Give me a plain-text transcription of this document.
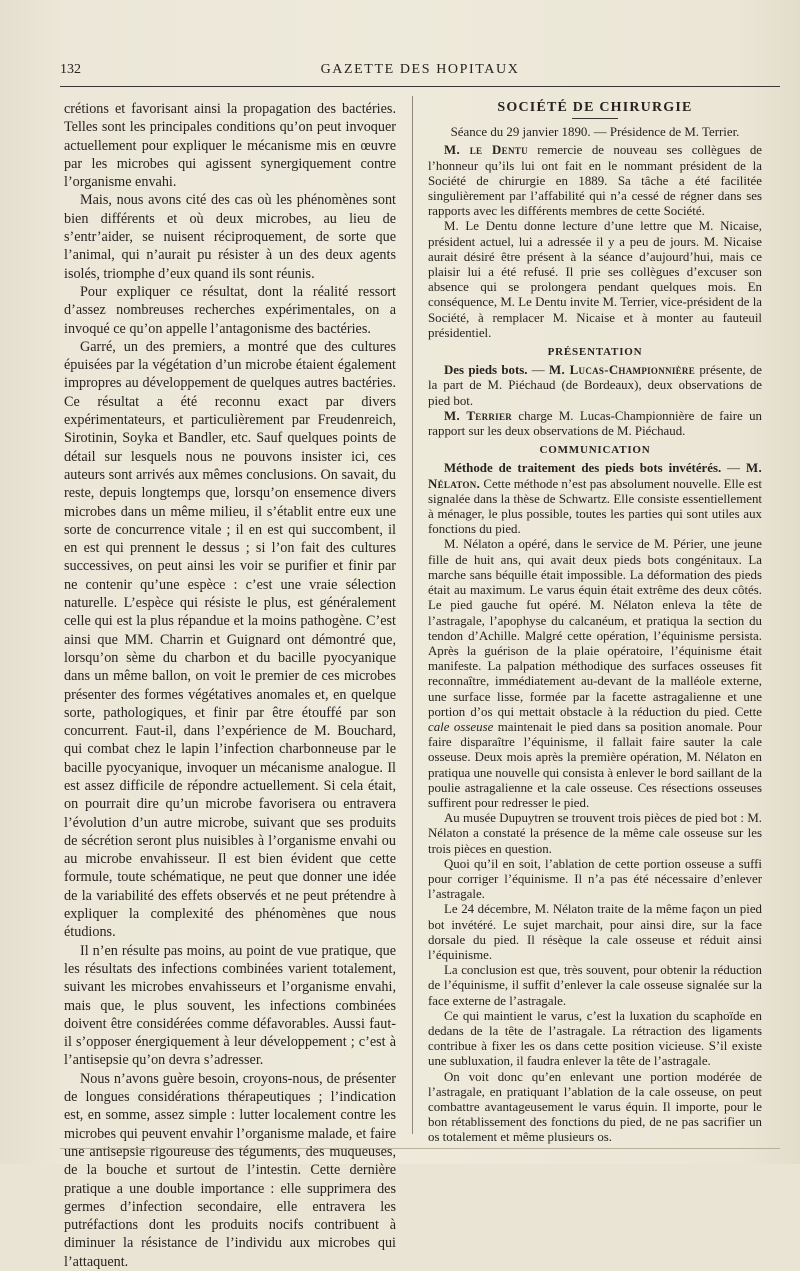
132	GAZETTE DES HOPITAUX

crétions et favorisant ainsi la propagation des bactéries. Telles sont les principales conditions qu’on peut invoquer actuellement pour expliquer le mécanisme mis en œuvre par les microbes qui agissent synergiquement contre l’organisme envahi.

Mais, nous avons cité des cas où les phénomènes sont bien différents et où deux microbes, au lieu de s’entr’aider, se nuisent réciproquement, de sorte que l’animal, qui n’aurait pu résister à un des deux agents isolés, triomphe d’eux quand ils sont réunis.

Pour expliquer ce résultat, dont la réalité ressort d’assez nombreuses recherches expérimentales, on a invoqué ce qu’on appelle l’antagonisme des bactéries.

Garré, un des premiers, a montré que des cultures épuisées par la végétation d’un microbe étaient également impropres au développement de quelques autres bactéries. Ce résultat a été reconnu exact par divers expérimentateurs, et particulièrement par Freudenreich, Sirotinin, Soyka et Bandler, etc. Sauf quelques points de détail sur lesquels nous ne pouvons insister ici, ces auteurs sont arrivés aux mêmes conclusions. On savait, du reste, depuis longtemps que, lorsqu’on ensemence divers microbes dans un même milieu, il s’établit entre eux une sorte de concurrence vitale ; il en est qui succombent, il en est qui prennent le dessus ; si l’on fait des cultures successives, on peut ainsi les voir se purifier et finir par ne contenir qu’une espèce : c’est une vraie sélection naturelle. L’espèce qui résiste le plus, est généralement celle qui est la plus répandue et la moins pathogène. C’est ainsi que MM. Charrin et Guignard ont démontré que, lorsqu’on sème du charbon et du bacille pyocyanique dans un même ballon, on voit le premier de ces microbes présenter des formes végétatives anomales et, en quelque sorte, pathologiques, et finir par être étouffé par son concurrent. Faut-il, dans l’expérience de M. Bouchard, qui combat chez le lapin l’infection charbonneuse par le bacille pyocyanique, invoquer un mécanisme analogue. Il est assez difficile de répondre actuellement. Si cela était, on pourrait dire qu’un microbe favorisera ou entravera l’évolution d’un autre microbe, suivant que ses produits de sécrétion seront plus nuisibles à l’organisme envahi ou au microbe envahisseur. Il est bien évident que cette formule, toute schématique, ne peut que donner une idée de la variabilité des effets observés et ne peut prétendre à expliquer la complexité des phénomènes que nous étudions.

Il n’en résulte pas moins, au point de vue pratique, que les résultats des infections combinées varient totalement, suivant les microbes envahisseurs et l’organisme envahi, mais que, le plus souvent, les infections combinées doivent être considérées comme défavorables. Aussi faut-il s’opposer énergiquement à leur développement ; c’est à l’antisepsie qu’on devra s’adresser.

Nous n’avons guère besoin, croyons-nous, de présenter de longues considérations thérapeutiques ; l’indication est, en somme, assez simple : lutter localement contre les microbes qui peuvent envahir l’organisme malade, et faire une antisepsie rigoureuse des téguments, des muqueuses, de la bouche et surtout de l’intestin. Cette dernière pratique a une double importance : elle supprimera des germes d’infection secondaire, elle entravera les putréfactions dont les produits nocifs contribuent à diminuer la résistance de l’individu aux microbes qui l’attaquent.

SOCIÉTÉ DE CHIRURGIE

Séance du 29 janvier 1890. — Présidence de M. Terrier.

M. le Dentu remercie de nouveau ses collègues de l’honneur qu’ils lui ont fait en le nommant président de la Société de chirurgie en 1889. Sa tâche a été facilitée singulièrement par l’affabilité qui n’a cessé de régner dans ses rapports avec les différents membres de cette Société.

M. Le Dentu donne lecture d’une lettre que M. Nicaise, président actuel, lui a adressée il y a peu de jours. M. Nicaise aurait désiré être présent à la séance d’aujourd’hui, mais ce plaisir lui a été refusé. Il prie ses collègues d’excuser son absence qui se prolongera pendant quelques mois. En conséquence, M. Le Dentu invite M. Terrier, vice-président de la Société, à remplacer M. Nicaise et à monter au fauteuil présidentiel.

PRÉSENTATION

Des pieds bots. — M. Lucas-Championnière présente, de la part de M. Piéchaud (de Bordeaux), deux observations de pied bot.

M. Terrier charge M. Lucas-Championnière de faire un rapport sur les deux observations de M. Piéchaud.

COMMUNICATION

Méthode de traitement des pieds bots invétérés. — M. Nélaton. Cette méthode n’est pas absolument nouvelle. Elle est signalée dans la thèse de Schwartz. Elle consiste essentiellement à ménager, le plus possible, toutes les parties qui sont utiles aux fonctions du pied.

M. Nélaton a opéré, dans le service de M. Périer, une jeune fille de huit ans, qui avait deux pieds bots congénitaux. La marche sans béquille était impossible. La déformation des pieds était au maximum. Le varus équin était extrême des deux côtés. Le pied gauche fut opéré. M. Nélaton enleva la tête de l’astragale, l’apophyse du calcanéum, et pratiqua la section du tendon d’Achille. Malgré cette opération, l’équinisme persista. Après la guérison de la plaie opératoire, l’équinisme était manifeste. La palpation méthodique des surfaces osseuses fit reconnaître, immédiatement au-devant de la malléole externe, une surface lisse, formée par la facette astragalienne et une portion d’os qui mettait obstacle à la réduction du pied. Cette cale osseuse maintenait le pied dans sa position anomale. Pour faire disparaître l’équinisme, il fallait faire sauter la cale osseuse. Deux mois après la première opération, M. Nélaton en pratiqua une nouvelle qui consista à enlever le bord saillant de la poulie astragalienne et la cale osseuse. Ces résections osseuses suffirent pour redresser le pied.

Au musée Dupuytren se trouvent trois pièces de pied bot : M. Nélaton a constaté la présence de la même cale osseuse sur les trois pièces en question.

Quoi qu’il en soit, l’ablation de cette portion osseuse a suffi pour corriger l’équinisme. Il n’a pas été nécessaire d’enlever l’astragale.

Le 24 décembre, M. Nélaton traite de la même façon un pied bot invétéré. Le sujet marchait, pour ainsi dire, sur la face dorsale du pied. Il résèque la cale osseuse et réduit ainsi l’équinisme.

La conclusion est que, très souvent, pour obtenir la réduction de l’équinisme, il suffit d’enlever la cale osseuse signalée sur la face externe de l’astragale.

Ce qui maintient le varus, c’est la luxation du scaphoïde en dedans de la tête de l’astragale. La rétraction des ligaments contribue à fixer les os dans cette position vicieuse. S’il existe une subluxation, il faudra enlever la tête de l’astragale.

On voit donc qu’en enlevant une portion modérée de l’astragale, en pratiquant l’ablation de la cale osseuse, on peut combattre avantageusement le varus équin. Il importe, pour le bon rétablissement des fonctions du pied, de ne pas sacrifier un os totalement et même plusieurs os.
